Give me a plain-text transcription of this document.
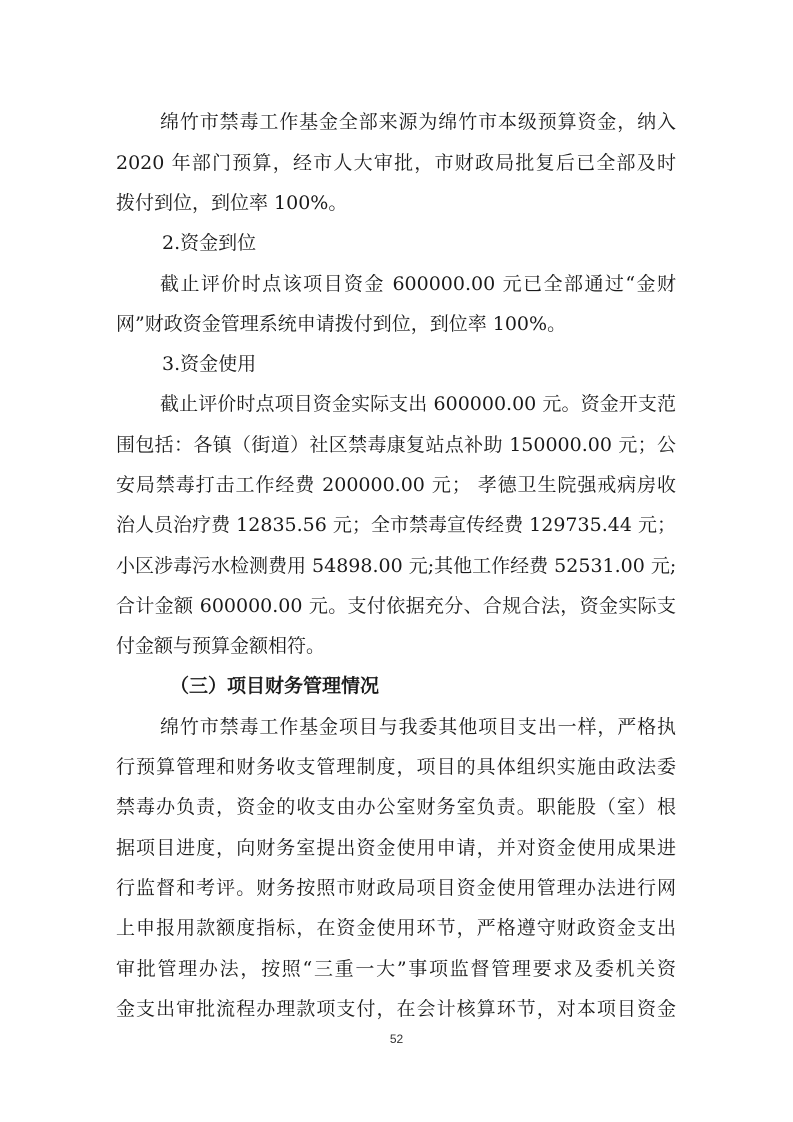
绵竹市禁毒工作基金全部来源为绵竹市本级预算资金，纳入
2020 年部门预算，经市人大审批，市财政局批复后已全部及时
拨付到位，到位率 100%。
2.资金到位
截止评价时点该项目资金 600000.00 元已全部通过“金财
网”财政资金管理系统申请拨付到位，到位率 100%。
3.资金使用
截止评价时点项目资金实际支出 600000.00 元。资金开支范
围包括：各镇（街道）社区禁毒康复站点补助 150000.00 元；公
安局禁毒打击工作经费 200000.00 元； 孝德卫生院强戒病房收
治人员治疗费 12835.56 元；全市禁毒宣传经费 129735.44 元；
小区涉毒污水检测费用 54898.00 元;其他工作经费 52531.00 元;
合计金额 600000.00 元。支付依据充分、合规合法，资金实际支
付金额与预算金额相符。
（三）项目财务管理情况
绵竹市禁毒工作基金项目与我委其他项目支出一样，严格执
行预算管理和财务收支管理制度，项目的具体组织实施由政法委
禁毒办负责，资金的收支由办公室财务室负责。职能股（室）根
据项目进度，向财务室提出资金使用申请，并对资金使用成果进
行监督和考评。财务按照市财政局项目资金使用管理办法进行网
上申报用款额度指标，在资金使用环节，严格遵守财政资金支出
审批管理办法，按照“三重一大”事项监督管理要求及委机关资
金支出审批流程办理款项支付，在会计核算环节，对本项目资金
52
